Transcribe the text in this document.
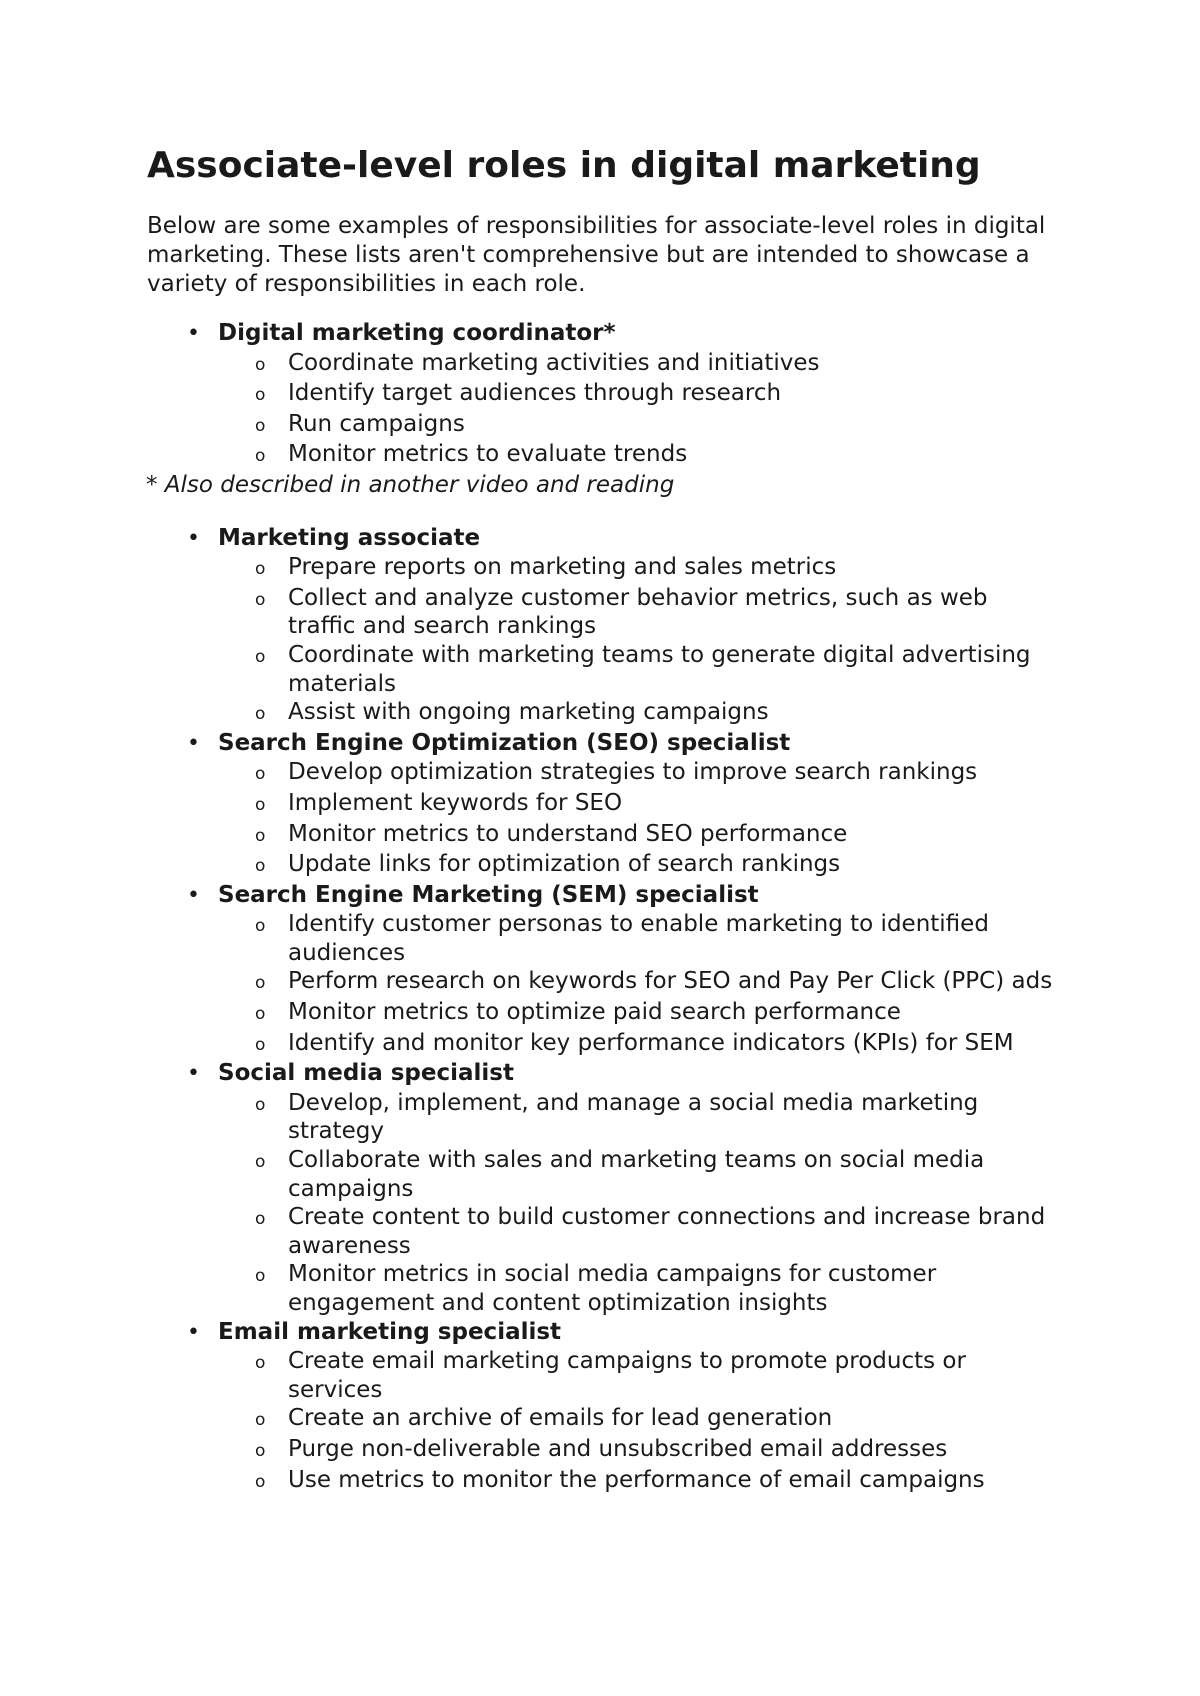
Associate-level roles in digital marketing

Below are some examples of responsibilities for associate-level roles in digital marketing. These lists aren't comprehensive but are intended to showcase a variety of responsibilities in each role.

• Digital marketing coordinator*
o Coordinate marketing activities and initiatives
o Identify target audiences through research
o Run campaigns
o Monitor metrics to evaluate trends

* Also described in another video and reading

• Marketing associate
o Prepare reports on marketing and sales metrics
o Collect and analyze customer behavior metrics, such as web traffic and search rankings
o Coordinate with marketing teams to generate digital advertising materials
o Assist with ongoing marketing campaigns
• Search Engine Optimization (SEO) specialist
o Develop optimization strategies to improve search rankings
o Implement keywords for SEO
o Monitor metrics to understand SEO performance
o Update links for optimization of search rankings
• Search Engine Marketing (SEM) specialist
o Identify customer personas to enable marketing to identified audiences
o Perform research on keywords for SEO and Pay Per Click (PPC) ads
o Monitor metrics to optimize paid search performance
o Identify and monitor key performance indicators (KPIs) for SEM
• Social media specialist
o Develop, implement, and manage a social media marketing strategy
o Collaborate with sales and marketing teams on social media campaigns
o Create content to build customer connections and increase brand awareness
o Monitor metrics in social media campaigns for customer engagement and content optimization insights
• Email marketing specialist
o Create email marketing campaigns to promote products or services
o Create an archive of emails for lead generation
o Purge non-deliverable and unsubscribed email addresses
o Use metrics to monitor the performance of email campaigns
